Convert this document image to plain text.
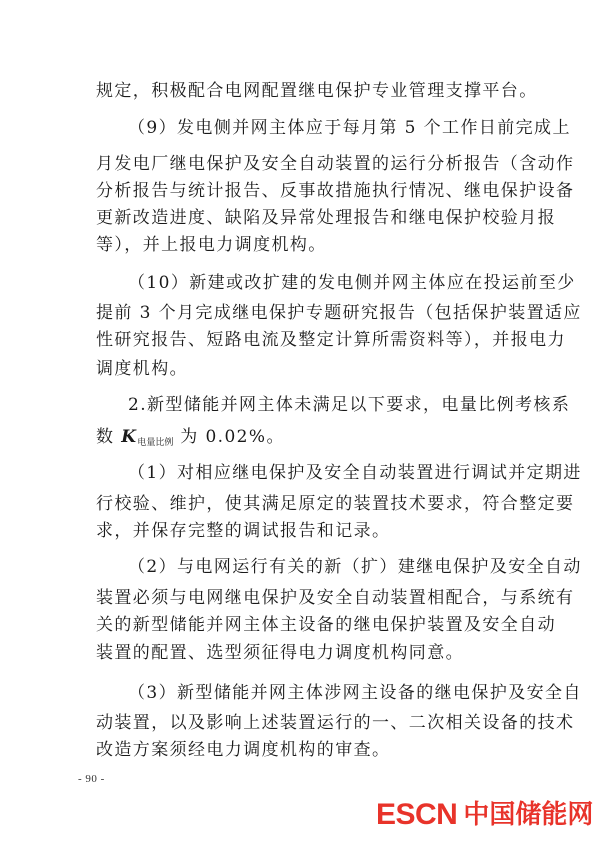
规定，积极配合电网配置继电保护专业管理支撑平台。
（9）发电侧并网主体应于每月第 5 个工作日前完成上
月发电厂继电保护及安全自动装置的运行分析报告（含动作
分析报告与统计报告、反事故措施执行情况、继电保护设备
更新改造进度、缺陷及异常处理报告和继电保护校验月报
等），并上报电力调度机构。
（10）新建或改扩建的发电侧并网主体应在投运前至少
提前 3 个月完成继电保护专题研究报告（包括保护装置适应
性研究报告、短路电流及整定计算所需资料等），并报电力
调度机构。
2.新型储能并网主体未满足以下要求，电量比例考核系
数 $K_{电量比例}$ 为 0.02%。
（1）对相应继电保护及安全自动装置进行调试并定期进
行校验、维护，使其满足原定的装置技术要求，符合整定要
求，并保存完整的调试报告和记录。
（2）与电网运行有关的新（扩）建继电保护及安全自动
装置必须与电网继电保护及安全自动装置相配合，与系统有
关的新型储能并网主体主设备的继电保护装置及安全自动
装置的配置、选型须征得电力调度机构同意。
（3）新型储能并网主体涉网主设备的继电保护及安全自
动装置，以及影响上述装置运行的一、二次相关设备的技术
改造方案须经电力调度机构的审查。
- 90 -
ESCN 中国储能网
